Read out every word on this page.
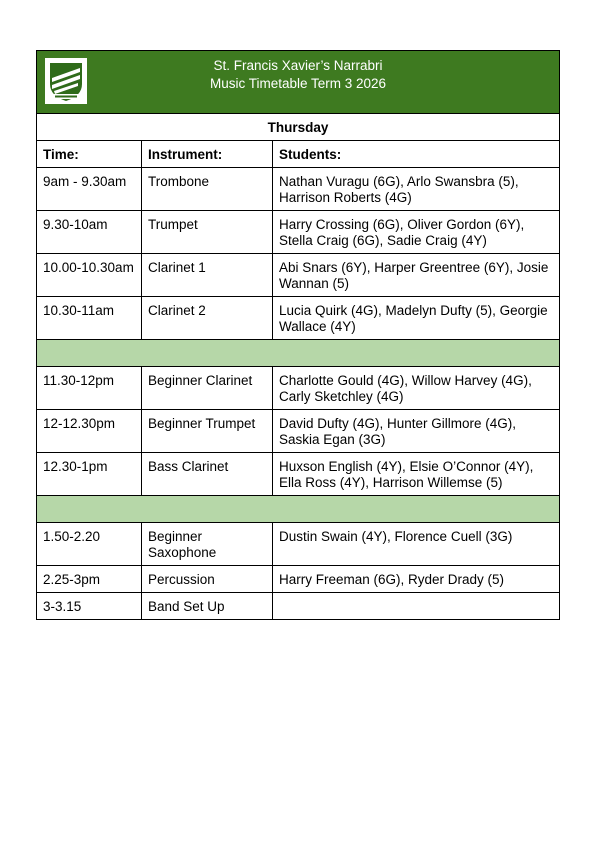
St. Francis Xavier’s Narrabri
Music Timetable Term 3 2026		

Thursday		
Time:	Instrument:	Students:
9am - 9.30am	Trombone	Nathan Vuragu (6G), Arlo Swansbra (5), Harrison Roberts (4G)
9.30-10am	Trumpet	Harry Crossing (6G), Oliver Gordon (6Y), Stella Craig (6G), Sadie Craig (4Y)
10.00-10.30am	Clarinet 1	Abi Snars (6Y), Harper Greentree (6Y), Josie Wannan (5)
10.30-11am	Clarinet 2	Lucia Quirk (4G), Madelyn Dufty (5), Georgie Wallace (4Y)

11.30-12pm	Beginner Clarinet	Charlotte Gould (4G), Willow Harvey (4G), Carly Sketchley (4G)
12-12.30pm	Beginner Trumpet	David Dufty (4G), Hunter Gillmore (4G), Saskia Egan (3G)
12.30-1pm	Bass Clarinet	Huxson English (4Y), Elsie O’Connor (4Y), Ella Ross (4Y), Harrison Willemse (5)

1.50-2.20	Beginner Saxophone	Dustin Swain (4Y), Florence Cuell (3G)
2.25-3pm	Percussion	Harry Freeman (6G), Ryder Drady (5)
3-3.15	Band Set Up	
